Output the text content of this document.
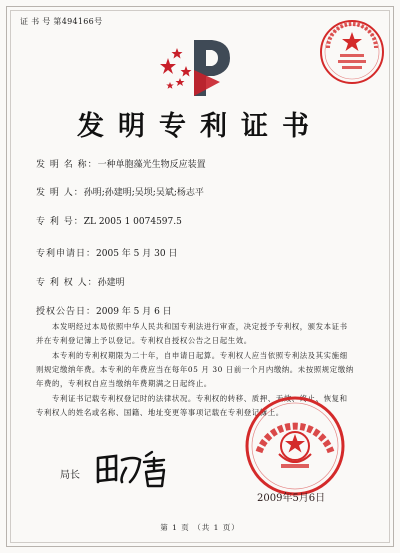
证 书 号 第494166号
发明专利证书
发 明 名 称：一种单胞藻光生物反应装置
发 明 人：孙明;孙建明;吴坝;吴斌;杨志平
专 利 号：ZL 2005 1 0074597.5
专利申请日：2005 年 5 月 30 日
专 利 权 人：孙建明
授权公告日：2009 年 5 月 6 日
　　本发明经过本局依照中华人民共和国专利法进行审查，决定授予专利权，颁发本证书
并在专利登记簿上予以登记。专利权自授权公告之日起生效。
　　本专利的专利权期限为二十年，自申请日起算。专利权人应当依照专利法及其实施细
则规定缴纳年费。本专利的年费应当在每年05 月 30 日前一个月内缴纳。未按照规定缴纳
年费的，专利权自应当缴纳年费期满之日起终止。
　　专利证书记载专利权登记时的法律状况。专利权的转移、质押、无效、终止、恢复和
专利权人的姓名或名称、国籍、地址变更等事项记载在专利登记簿上。
局长
2009年5月6日
第 1 页 （共 1 页）
